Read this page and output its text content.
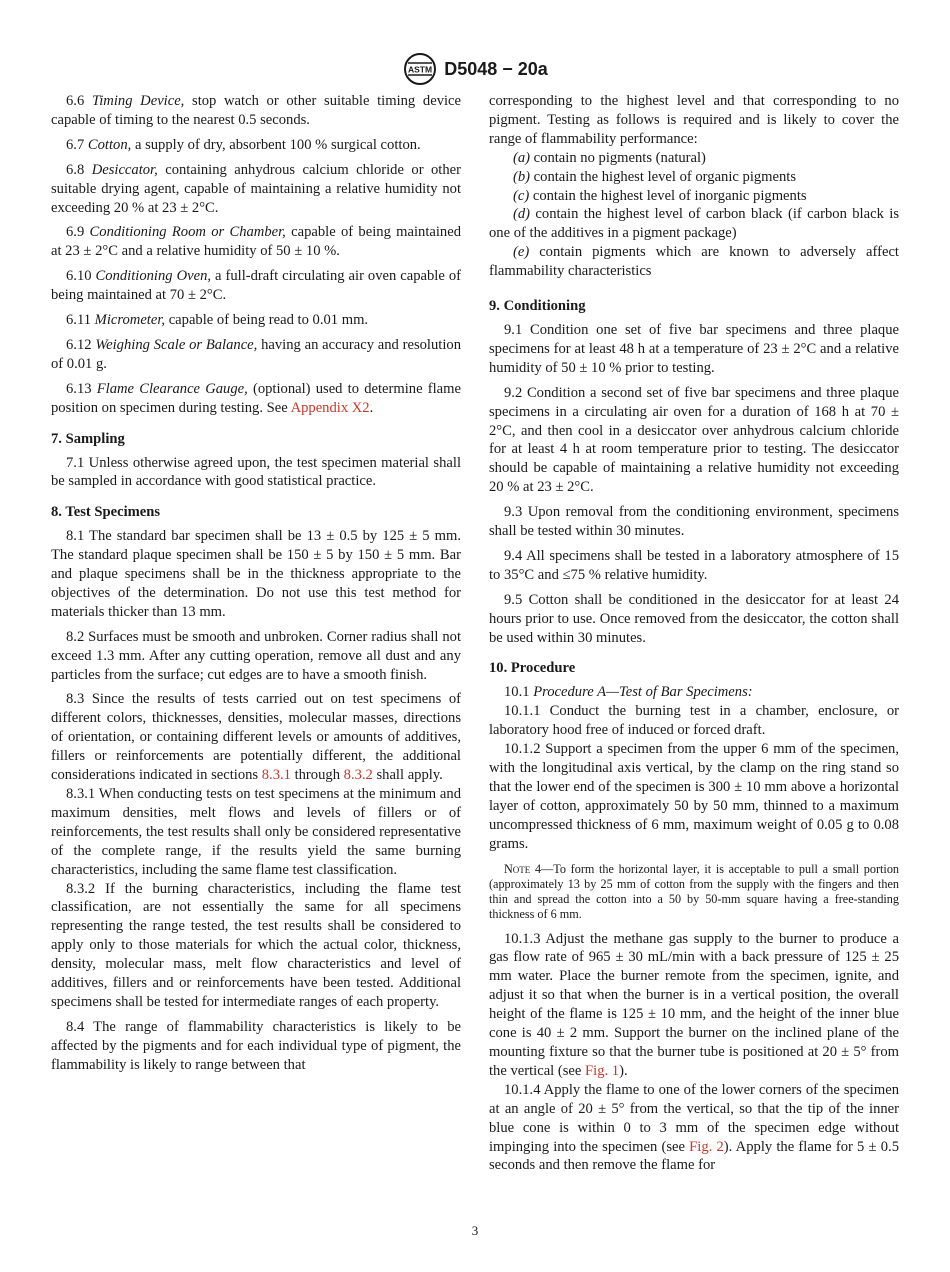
ASTM D5048 − 20a

6.6 Timing Device, stop watch or other suitable timing device capable of timing to the nearest 0.5 seconds.

6.7 Cotton, a supply of dry, absorbent 100 % surgical cotton.

6.8 Desiccator, containing anhydrous calcium chloride or other suitable drying agent, capable of maintaining a relative humidity not exceeding 20 % at 23 ± 2°C.

6.9 Conditioning Room or Chamber, capable of being maintained at 23 ± 2°C and a relative humidity of 50 ± 10 %.

6.10 Conditioning Oven, a full-draft circulating air oven capable of being maintained at 70 ± 2°C.

6.11 Micrometer, capable of being read to 0.01 mm.

6.12 Weighing Scale or Balance, having an accuracy and resolution of 0.01 g.

6.13 Flame Clearance Gauge, (optional) used to determine flame position on specimen during testing. See Appendix X2.

7. Sampling

7.1 Unless otherwise agreed upon, the test specimen material shall be sampled in accordance with good statistical practice.

8. Test Specimens

8.1 The standard bar specimen shall be 13 ± 0.5 by 125 ± 5 mm. The standard plaque specimen shall be 150 ± 5 by 150 ± 5 mm. Bar and plaque specimens shall be in the thickness appropriate to the objectives of the determination. Do not use this test method for materials thicker than 13 mm.

8.2 Surfaces must be smooth and unbroken. Corner radius shall not exceed 1.3 mm. After any cutting operation, remove all dust and any particles from the surface; cut edges are to have a smooth finish.

8.3 Since the results of tests carried out on test specimens of different colors, thicknesses, densities, molecular masses, directions of orientation, or containing different levels or amounts of additives, fillers or reinforcements are potentially different, the additional considerations indicated in sections 8.3.1 through 8.3.2 shall apply.

8.3.1 When conducting tests on test specimens at the minimum and maximum densities, melt flows and levels of fillers or of reinforcements, the test results shall only be considered representative of the complete range, if the results yield the same burning characteristics, including the same flame test classification.

8.3.2 If the burning characteristics, including the flame test classification, are not essentially the same for all specimens representing the range tested, the test results shall be considered to apply only to those materials for which the actual color, thickness, density, molecular mass, melt flow characteristics and level of additives, fillers and or reinforcements have been tested. Additional specimens shall be tested for intermediate ranges of each property.

8.4 The range of flammability characteristics is likely to be affected by the pigments and for each individual type of pigment, the flammability is likely to range between that

corresponding to the highest level and that corresponding to no pigment. Testing as follows is required and is likely to cover the range of flammability performance:

(a) contain no pigments (natural)

(b) contain the highest level of organic pigments

(c) contain the highest level of inorganic pigments

(d) contain the highest level of carbon black (if carbon black is one of the additives in a pigment package)

(e) contain pigments which are known to adversely affect flammability characteristics

9. Conditioning

9.1 Condition one set of five bar specimens and three plaque specimens for at least 48 h at a temperature of 23 ± 2°C and a relative humidity of 50 ± 10 % prior to testing.

9.2 Condition a second set of five bar specimens and three plaque specimens in a circulating air oven for a duration of 168 h at 70 ± 2°C, and then cool in a desiccator over anhydrous calcium chloride for at least 4 h at room temperature prior to testing. The desiccator should be capable of maintaining a relative humidity not exceeding 20 % at 23 ± 2°C.

9.3 Upon removal from the conditioning environment, specimens shall be tested within 30 minutes.

9.4 All specimens shall be tested in a laboratory atmosphere of 15 to 35°C and ≤75 % relative humidity.

9.5 Cotton shall be conditioned in the desiccator for at least 24 hours prior to use. Once removed from the desiccator, the cotton shall be used within 30 minutes.

10. Procedure

10.1 Procedure A—Test of Bar Specimens:

10.1.1 Conduct the burning test in a chamber, enclosure, or laboratory hood free of induced or forced draft.

10.1.2 Support a specimen from the upper 6 mm of the specimen, with the longitudinal axis vertical, by the clamp on the ring stand so that the lower end of the specimen is 300 ± 10 mm above a horizontal layer of cotton, approximately 50 by 50 mm, thinned to a maximum uncompressed thickness of 6 mm, maximum weight of 0.05 g to 0.08 grams.

Note 4—To form the horizontal layer, it is acceptable to pull a small portion (approximately 13 by 25 mm of cotton from the supply with the fingers and then thin and spread the cotton into a 50 by 50-mm square having a free-standing thickness of 6 mm.

10.1.3 Adjust the methane gas supply to the burner to produce a gas flow rate of 965 ± 30 mL/min with a back pressure of 125 ± 25 mm water. Place the burner remote from the specimen, ignite, and adjust it so that when the burner is in a vertical position, the overall height of the flame is 125 ± 10 mm, and the height of the inner blue cone is 40 ± 2 mm. Support the burner on the inclined plane of the mounting fixture so that the burner tube is positioned at 20 ± 5° from the vertical (see Fig. 1).

10.1.4 Apply the flame to one of the lower corners of the specimen at an angle of 20 ± 5° from the vertical, so that the tip of the inner blue cone is within 0 to 3 mm of the specimen edge without impinging into the specimen (see Fig. 2). Apply the flame for 5 ± 0.5 seconds and then remove the flame for

3
